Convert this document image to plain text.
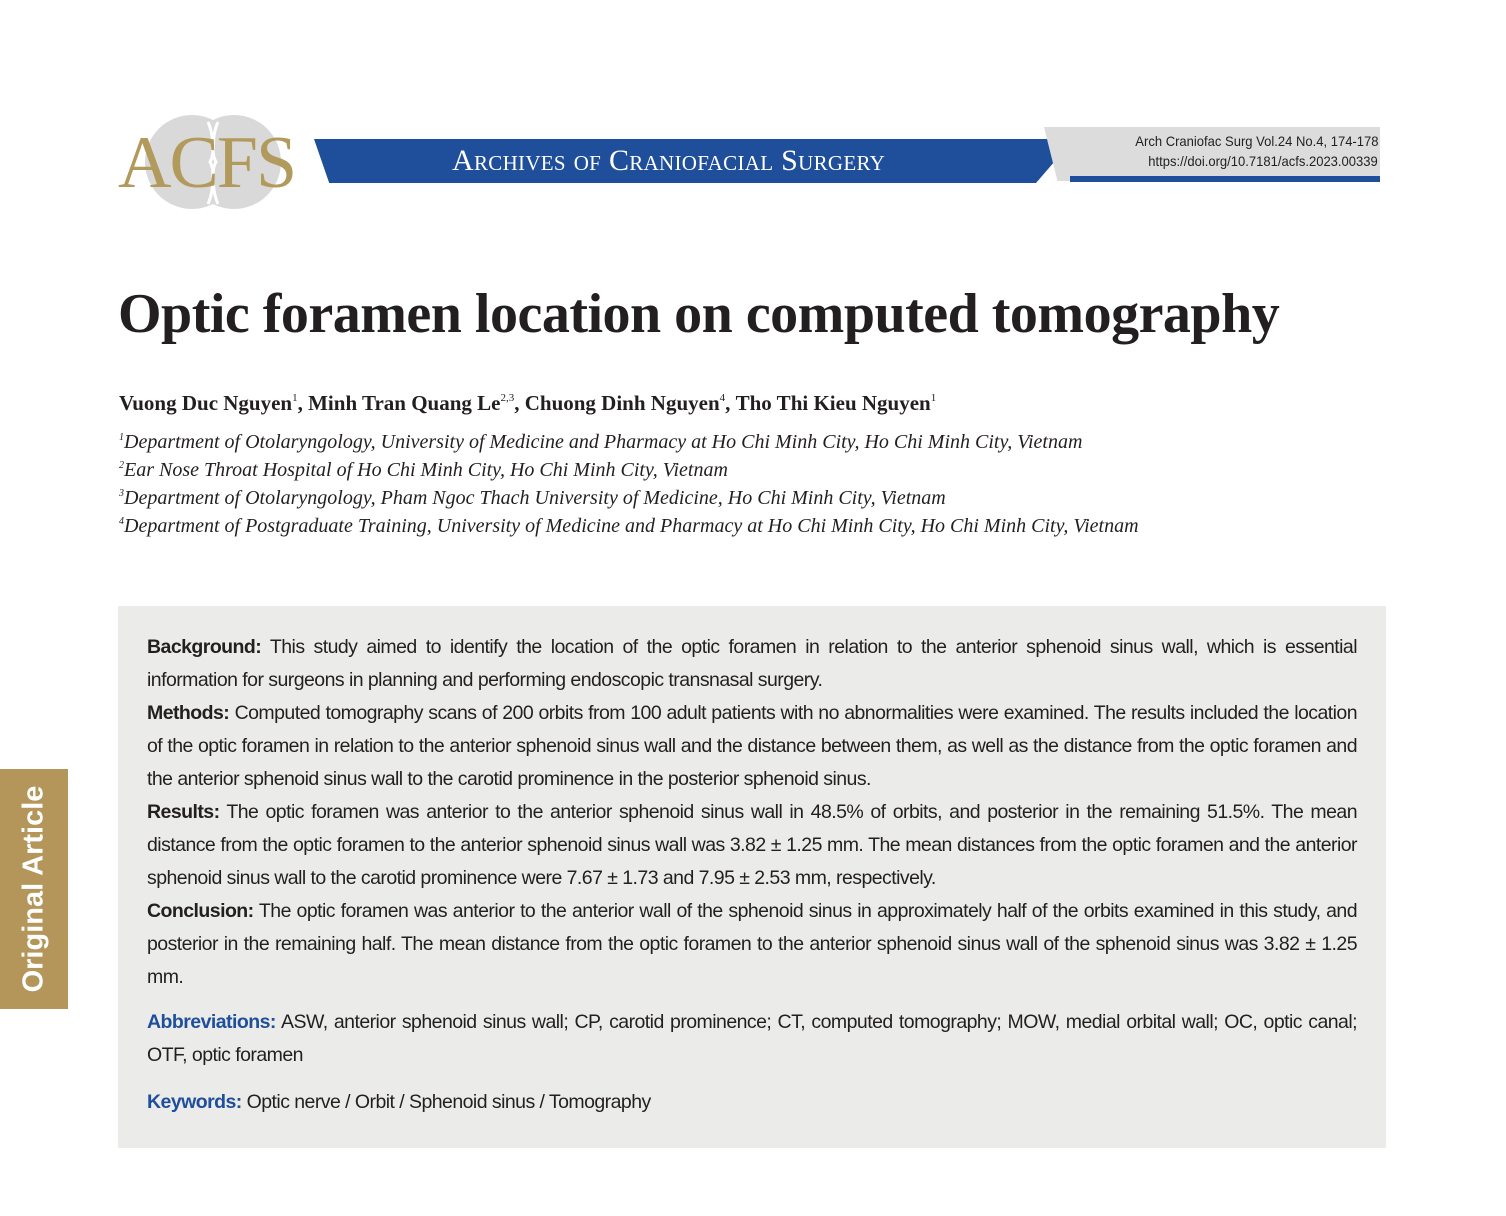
ACFS	Archives of Craniofacial Surgery
Arch Craniofac Surg Vol.24 No.4, 174-178
https://doi.org/10.7181/acfs.2023.00339
Optic foramen location on computed tomography

Vuong Duc Nguyen$^1$, Minh Tran Quang Le$^{2,3}$, Chuong Dinh Nguyen$^4$, Tho Thi Kieu Nguyen$^1$

$^1$Department of Otolaryngology, University of Medicine and Pharmacy at Ho Chi Minh City, Ho Chi Minh City, Vietnam
$^2$Ear Nose Throat Hospital of Ho Chi Minh City, Ho Chi Minh City, Vietnam
$^3$Department of Otolaryngology, Pham Ngoc Thach University of Medicine, Ho Chi Minh City, Vietnam
$^4$Department of Postgraduate Training, University of Medicine and Pharmacy at Ho Chi Minh City, Ho Chi Minh City, Vietnam
Original Article

Background: This study aimed to identify the location of the optic foramen in relation to the anterior sphenoid sinus wall, which is essential information for surgeons in planning and performing endoscopic transnasal surgery.

Methods: Computed tomography scans of 200 orbits from 100 adult patients with no abnormalities were examined. The results included the location of the optic foramen in relation to the anterior sphenoid sinus wall and the distance between them, as well as the distance from the optic foramen and the anterior sphenoid sinus wall to the carotid prominence in the posterior sphenoid sinus.

Results: The optic foramen was anterior to the anterior sphenoid sinus wall in 48.5% of orbits, and posterior in the remaining 51.5%. The mean distance from the optic foramen to the anterior sphenoid sinus wall was 3.82 ± 1.25 mm. The mean distances from the optic foramen and the anterior sphenoid sinus wall to the carotid prominence were 7.67 ± 1.73 and 7.95 ± 2.53 mm, respectively.

Conclusion: The optic foramen was anterior to the anterior wall of the sphenoid sinus in approximately half of the orbits examined in this study, and posterior in the remaining half. The mean distance from the optic foramen to the anterior sphenoid sinus wall of the sphenoid sinus was 3.82 ± 1.25 mm.

Abbreviations: ASW, anterior sphenoid sinus wall; CP, carotid prominence; CT, computed tomography; MOW, medial orbital wall; OC, optic canal; OTF, optic foramen

Keywords: Optic nerve / Orbit / Sphenoid sinus / Tomography
